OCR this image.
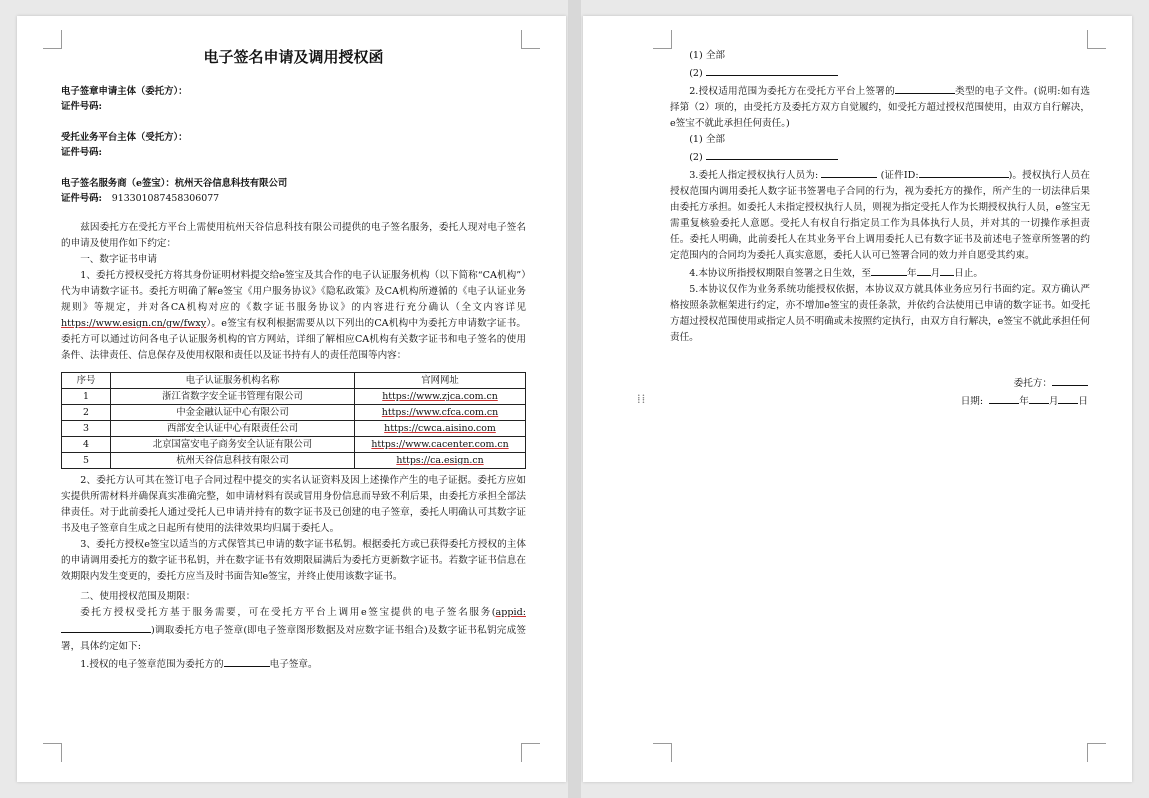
电子签名申请及调用授权函
电子签章申请主体（委托方）：
证件号码:
受托业务平台主体（受托方）：
证件号码:
电子签名服务商（e签宝）：杭州天谷信息科技有限公司
证件号码: 913301087458306077

兹因委托方在受托方平台上需使用杭州天谷信息科技有限公司提供的电子签名服务，委托人现对电子签名的申请及使用作如下约定：

一、数字证书申请

1、委托方授权受托方将其身份证明材料提交给e签宝及其合作的电子认证服务机构（以下简称“CA机构”）代为申请数字证书。委托方明确了解e签宝《用户服务协议》《隐私政策》及CA机构所遵循的《电子认证业务规则》等规定，并对各CA机构对应的《数字证书服务协议》的内容进行充分确认（全文内容详见https://www.esign.cn/gw/fwxy）。e签宝有权利根据需要从以下列出的CA机构中为委托方申请数字证书。委托方可以通过访问各电子认证服务机构的官方网站，详细了解相应CA机构有关数字证书和电子签名的使用条件、法律责任、信息保存及使用权限和责任以及证书持有人的责任范围等内容：

序号	电子认证服务机构名称	官网网址
1	浙江省数字安全证书管理有限公司	https://www.zjca.com.cn
2	中金金融认证中心有限公司	https://www.cfca.com.cn
3	西部安全认证中心有限责任公司	https://cwca.aisino.com
4	北京国富安电子商务安全认证有限公司	https://www.cacenter.com.cn
5	杭州天谷信息科技有限公司	https://ca.esign.cn

2、委托方认可其在签订电子合同过程中提交的实名认证资料及因上述操作产生的电子证据。委托方应如实提供所需材料并确保真实准确完整，如申请材料有误或冒用身份信息而导致不利后果，由委托方承担全部法律责任。对于此前委托人通过受托人已申请并持有的数字证书及已创建的电子签章，委托人明确认可其数字证书及电子签章自生成之日起所有使用的法律效果均归属于委托人。

3、委托方授权e签宝以适当的方式保管其已申请的数字证书私钥。根据委托方或已获得委托方授权的主体的申请调用委托方的数字证书私钥，并在数字证书有效期限届满后为委托方更新数字证书。若数字证书信息在效期限内发生变更的，委托方应当及时书面告知e签宝，并终止使用该数字证书。

二、使用授权范围及期限：

委托方授权受托方基于服务需要，可在受托方平台上调用e签宝提供的电子签名服务(appid:)调取委托方电子签章(即电子签章图形数据及对应数字证书组合)及数字证书私钥完成签署，具体约定如下:

1.授权的电子签章范围为委托方的	电子签章。

⁞⁞

(1) 全部

(2)

2.授权适用范围为委托方在受托方平台上签署的	类型的电子文件。(说明:如有选择第（2）项的，由受托方及委托方双方自觉履约，如受托方超过授权范围使用，由双方自行解决，e签宝不就此承担任何责任。)

(1) 全部

(2)

3.委托人指定授权执行人员为:	(证件ID:	)。授权执行人员在授权范围内调用委托人数字证书签署电子合同的行为，视为委托方的操作，所产生的一切法律后果由委托方承担。如委托人未指定授权执行人员，则视为指定受托人作为长期授权执行人员，e签宝无需重复核验委托人意愿。受托人有权自行指定员工作为具体执行人员，并对其的一切操作承担责任。委托人明确，此前委托人在其业务平台上调用委托人已有数字证书及前述电子签章所签署的约定范围内的合同均为委托人真实意愿，委托人认可已签署合同的效力并自愿受其约束。

4.本协议所指授权期限自签署之日生效，至	年 月 日止。

5.本协议仅作为业务系统功能授权依据，本协议双方就具体业务应另行书面约定。双方确认严格按照条款框架进行约定，亦不增加e签宝的责任条款，并依约合法使用已申请的数字证书。如受托方超过授权范围使用或指定人员不明确或未按照约定执行，由双方自行解决，e签宝不就此承担任何责任。

委托方：
日期:	年 月 日
